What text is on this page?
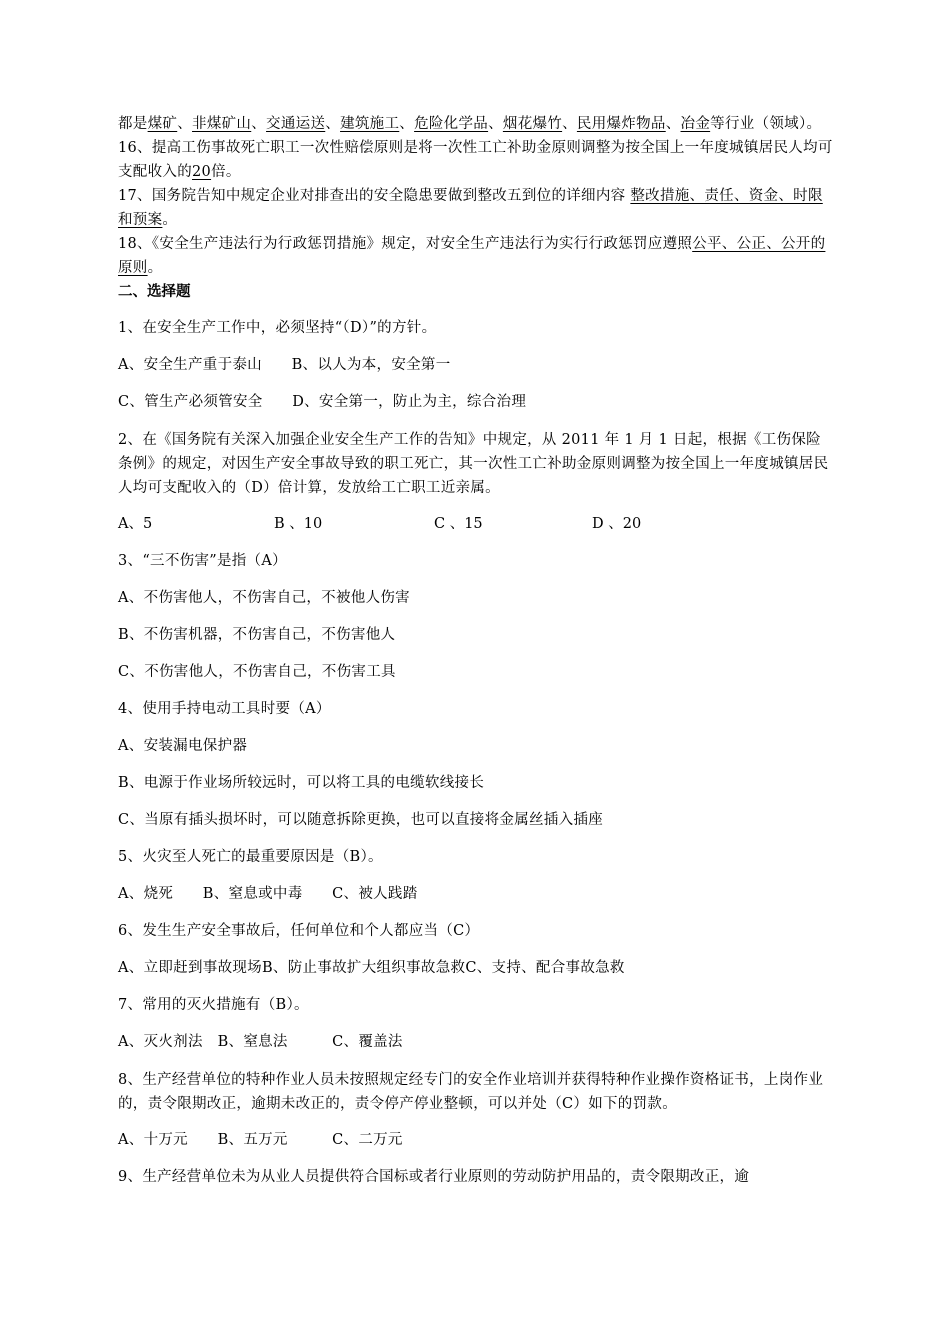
都是煤矿、非煤矿山、交通运送、建筑施工、危险化学品、烟花爆竹、民用爆炸物品、冶金等行业（领域）。

16、提高工伤事故死亡职工一次性赔偿原则是将一次性工亡补助金原则调整为按全国上一年度城镇居民人均可支配收入的20倍。

17、国务院告知中规定企业对排查出的安全隐患要做到整改五到位的详细内容 整改措施、责任、资金、时限和预案。

18、《安全生产违法行为行政惩罚措施》规定，对安全生产违法行为实行行政惩罚应遵照公平、公正、公开的原则。

二、选择题

1、在安全生产工作中，必须坚持“（D）”的方针。

A、安全生产重于泰山　　B、以人为本，安全第一

C、管生产必须管安全　　D、安全第一，防止为主，综合治理

2、在《国务院有关深入加强企业安全生产工作的告知》中规定，从 2011 年 1 月 1 日起，根据《工伤保险条例》的规定，对因生产安全事故导致的职工死亡，其一次性工亡补助金原则调整为按全国上一年度城镇居民人均可支配收入的（D）倍计算，发放给工亡职工近亲属。

A、5	B 、10	C 、15	D 、20

3、“三不伤害”是指（A）

A、不伤害他人，不伤害自己，不被他人伤害

B、不伤害机器，不伤害自己，不伤害他人

C、不伤害他人，不伤害自己，不伤害工具

4、使用手持电动工具时要（A）

A、安装漏电保护器

B、电源于作业场所较远时，可以将工具的电缆软线接长

C、当原有插头损坏时，可以随意拆除更换，也可以直接将金属丝插入插座

5、火灾至人死亡的最重要原因是（B）。

A、烧死　　B、窒息或中毒　　C、被人践踏

6、发生生产安全事故后，任何单位和个人都应当（C）

A、立即赶到事故现场B、防止事故扩大组织事故急救C、支持、配合事故急救

7、常用的灭火措施有（B）。

A、灭火剂法　B、窒息法　　　C、覆盖法

8、生产经营单位的特种作业人员未按照规定经专门的安全作业培训并获得特种作业操作资格证书，上岗作业的，责令限期改正，逾期未改正的，责令停产停业整顿，可以并处（C）如下的罚款。

A、十万元　　B、五万元　　　C、二万元

9、生产经营单位未为从业人员提供符合国标或者行业原则的劳动防护用品的，责令限期改正，逾
